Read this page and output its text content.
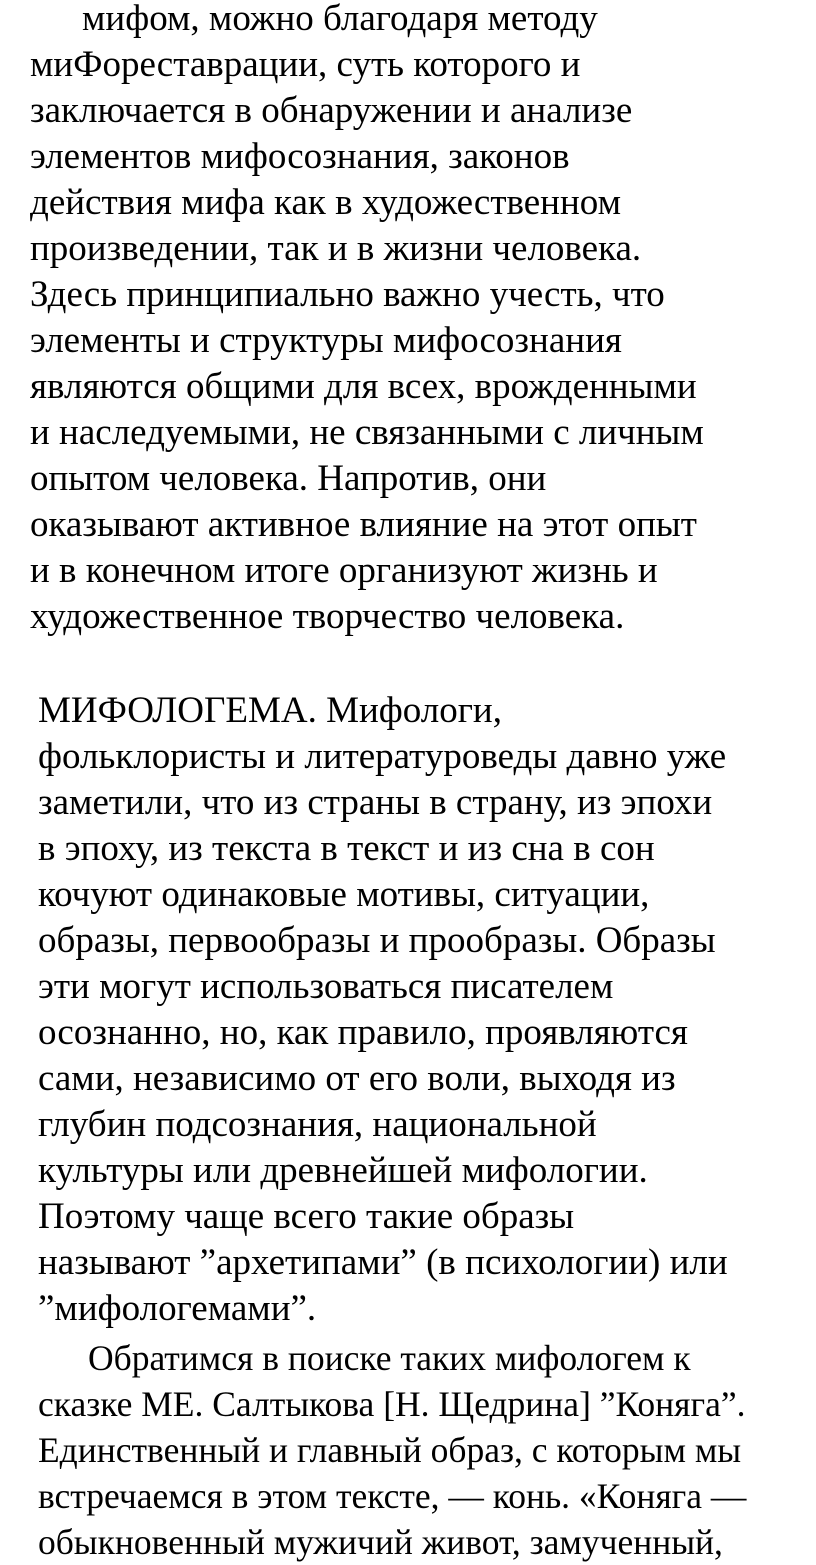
мифом, можно благодаря методу
миФореставрации, суть которого и
заключается в обнаружении и анализе
элементов мифосознания, законов
действия мифа как в художественном
произведении, так и в жизни человека.
Здесь принципиально важно учесть, что
элементы и структуры мифосознания
являются общими для всех, врожденными
и наследуемыми, не связанными с личным
опытом человека. Напротив, они
оказывают активное влияние на этот опыт
и в конечном итоге организуют жизнь и
художественное творчество человека.
МИФОЛОГЕМА. Мифологи,
фольклористы и литературоведы давно уже
заметили, что из страны в страну, из эпохи
в эпоху, из текста в текст и из сна в сон
кочуют одинаковые мотивы, ситуации,
образы, первообразы и прообразы. Образы
эти могут использоваться писателем
осознанно, но, как правило, проявляются
сами, независимо от его воли, выходя из
глубин подсознания, национальной
культуры или древнейшей мифологии.
Поэтому чаще всего такие образы
называют ”архетипами” (в психологии) или
”мифологемами”.
Обратимся в поиске таких мифологем к
сказке МЕ. Салтыкова [Н. Щедрина] ”Коняга”.
Единственный и главный образ, с которым мы
встречаемся в этом тексте, — конь. «Коняга —
обыкновенный мужичий живот, замученный,
